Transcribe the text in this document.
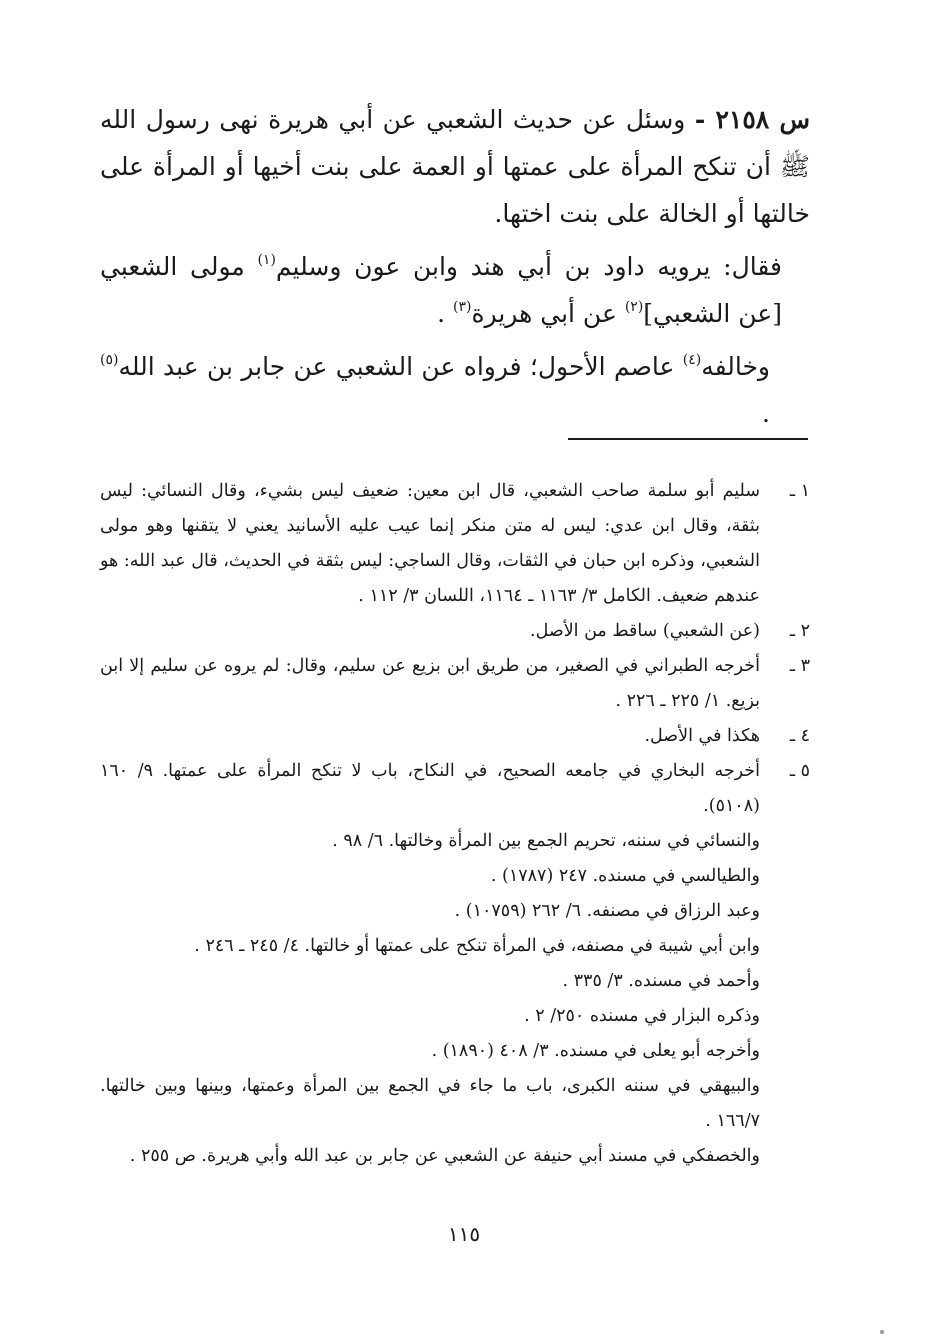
س ٢١٥٨ - وسئل عن حديث الشعبي عن أبي هريرة نهى رسول الله ﷺ أن تنكح المرأة على عمتها أو العمة على بنت أخيها أو المرأة على خالتها أو الخالة على بنت اختها.

فقال: يرويه داود بن أبي هند وابن عون وسليم$^{(١)}$ مولى الشعبي [عن الشعبي]$^{(٢)}$ عن أبي هريرة$^{(٣)}$ .

وخالفه$^{(٤)}$ عاصم الأحول؛ فرواه عن الشعبي عن جابر بن عبد الله$^{(٥)}$ .

١ ـ
سليم أبو سلمة صاحب الشعبي، قال ابن معين: ضعيف ليس بشيء، وقال النسائي: ليس بثقة، وقال ابن عدي: ليس له متن منكر إنما عيب عليه الأسانيد يعني لا يتقنها وهو مولى الشعبي، وذكره ابن حبان في الثقات، وقال الساجي: ليس بثقة في الحديث، قال عبد الله: هو عندهم ضعيف. الكامل ٣/ ١١٦٣ ـ ١١٦٤، اللسان ٣/ ١١٢ .
٢ ـ
(عن الشعبي) ساقط من الأصل.
٣ ـ
أخرجه الطبراني في الصغير، من طريق ابن بزيع عن سليم، وقال: لم يروه عن سليم إلا ابن بزيع. ١/ ٢٢٥ ـ ٢٢٦ .
٤ ـ
هكذا في الأصل.
٥ ـ
أخرجه البخاري في جامعه الصحيح، في النكاح، باب لا تنكح المرأة على عمتها. ٩/ ١٦٠ (٥١٠٨).
والنسائي في سننه، تحريم الجمع بين المرأة وخالتها. ٦/ ٩٨ .
والطيالسي في مسنده. ٢٤٧ (١٧٨٧) .
وعبد الرزاق في مصنفه. ٦/ ٢٦٢ (١٠٧٥٩) .
وابن أبي شيبة في مصنفه، في المرأة تنكح على عمتها أو خالتها. ٤/ ٢٤٥ ـ ٢٤٦ .
وأحمد في مسنده. ٣/ ٣٣٥ .
وذكره البزار في مسنده ٢٥٠/ ٢ .
وأخرجه أبو يعلى في مسنده. ٣/ ٤٠٨ (١٨٩٠) .
والبيهقي في سننه الكبرى، باب ما جاء في الجمع بين المرأة وعمتها، وبينها وبين خالتها. ١٦٦/٧ .
والخصفكي في مسند أبي حنيفة عن الشعبي عن جابر بن عبد الله وأبي هريرة. ص ٢٥٥ .
١١٥
